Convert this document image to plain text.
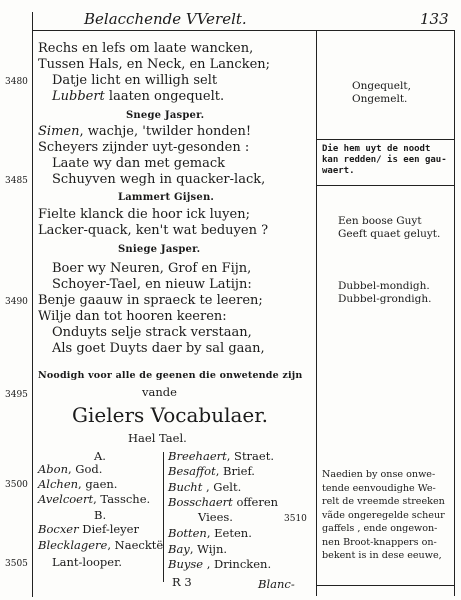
Belacchende VVerelt.	133
Rechs en lefs om laate wancken,
Tussen Hals, en Neck, en Lancken;
3480 Datje licht en willigh selt
Lubbert laaten ongequelt.
Snege Jasper.
Simen, wachje, 'twilder honden!
Scheyers zijnder uyt-gesonden :
Laate wy dan met gemack
3485 Schuyven wegh in quacker-lack,
Lammert Gijsen.
Fielte klanck die hoor ick luyen;
Lacker-quack, ken't wat beduyen ?
Sniege Jasper.
Boer wy Neuren, Grof en Fijn,
Schoyer-Tael, en nieuw Latijn:
3490 Benje gaauw in spraeck te leeren;
Wilje dan tot hooren keeren:
Onduyts selje strack verstaan,
Als goet Duyts daer by sal gaan,
Ongequelt,
Ongemelt.
Die hem uyt de noodt
kan redden/ is een gau-
waert.
Een boose Guyt
Geeft quaet geluyt.
Dubbel-mondigh.
Dubbel-grondigh.
Naedien by onse onwe-
tende eenvoudighe We-
relt de vreemde streeken
vãde ongeregelde scheur
gaffels , ende ongewon-
nen Broot-knappers on-
bekent is in dese eeuwe,
Noodigh voor alle de geenen die onwetende zijn
3495	vande
Gielers Vocabulaer.
Hael Tael.
A.
Abon, God.
3500 Alchen, gaen.
Avelcoert, Tassche.
B.
Bocxer Dief-leyer
Blecklagere, Naecktë
3505 Lant-looper.
Breehaert, Straet.
Besaffot, Brief.
Bucht , Gelt.
Bosschaert offeren
Viees.	3510
Botten, Eeten.
Bay, Wijn.
Buyse , Drincken.
R 3	Blanc-
